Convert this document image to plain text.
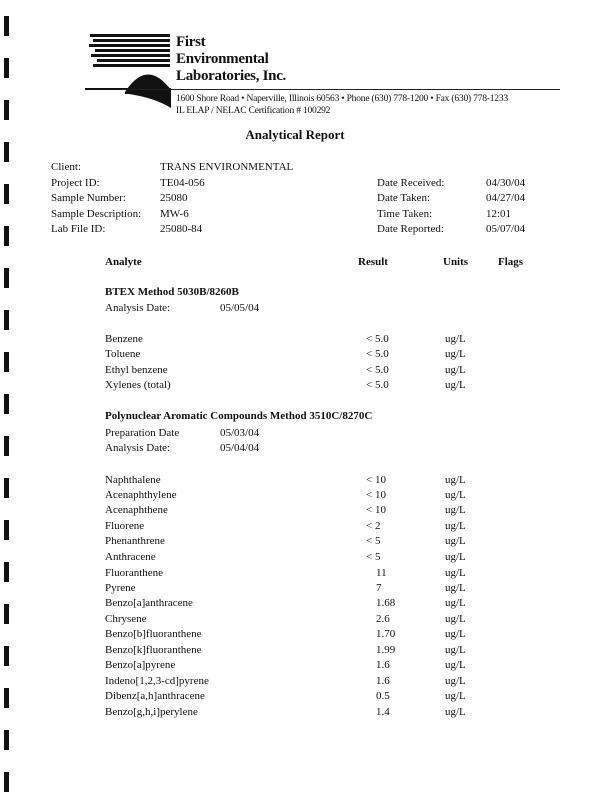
First
Environmental
Laboratories, Inc.
1600 Shore Road • Naperville, Illinois 60563 • Phone (630) 778-1200 • Fax (630) 778-1233
IL ELAP / NELAC Certification # 100292
Analytical Report
Client:	TRANS ENVIRONMENTAL
Project ID:	TE04-056
Sample Number:	25080
Sample Description: MW-6
Lab File ID:	25080-84
Date Received:	04/30/04
Date Taken:	04/27/04
Time Taken:	12:01
Date Reported:	05/07/04
Analyte	Result	Units	Flags
BTEX Method 5030B/8260B
Analysis Date:	05/05/04
Benzene	< 5.0	ug/L
Toluene	< 5.0	ug/L
Ethyl benzene	< 5.0	ug/L
Xylenes (total)	< 5.0	ug/L
Polynuclear Aromatic Compounds Method 3510C/8270C
Preparation Date	05/03/04
Analysis Date:	05/04/04
Naphthalene	< 10	ug/L
Acenaphthylene	< 10	ug/L
Acenaphthene	< 10	ug/L
Fluorene	< 2	ug/L
Phenanthrene	< 5	ug/L
Anthracene	< 5	ug/L
Fluoranthene	11	ug/L
Pyrene	7	ug/L
Benzo[a]anthracene	1.68	ug/L
Chrysene	2.6	ug/L
Benzo[b]fluoranthene	1.70	ug/L
Benzo[k]fluoranthene	1.99	ug/L
Benzo[a]pyrene	1.6	ug/L
Indeno[1,2,3-cd]pyrene	1.6	ug/L
Dibenz[a,h]anthracene	0.5	ug/L
Benzo[g,h,i]perylene	1.4	ug/L
